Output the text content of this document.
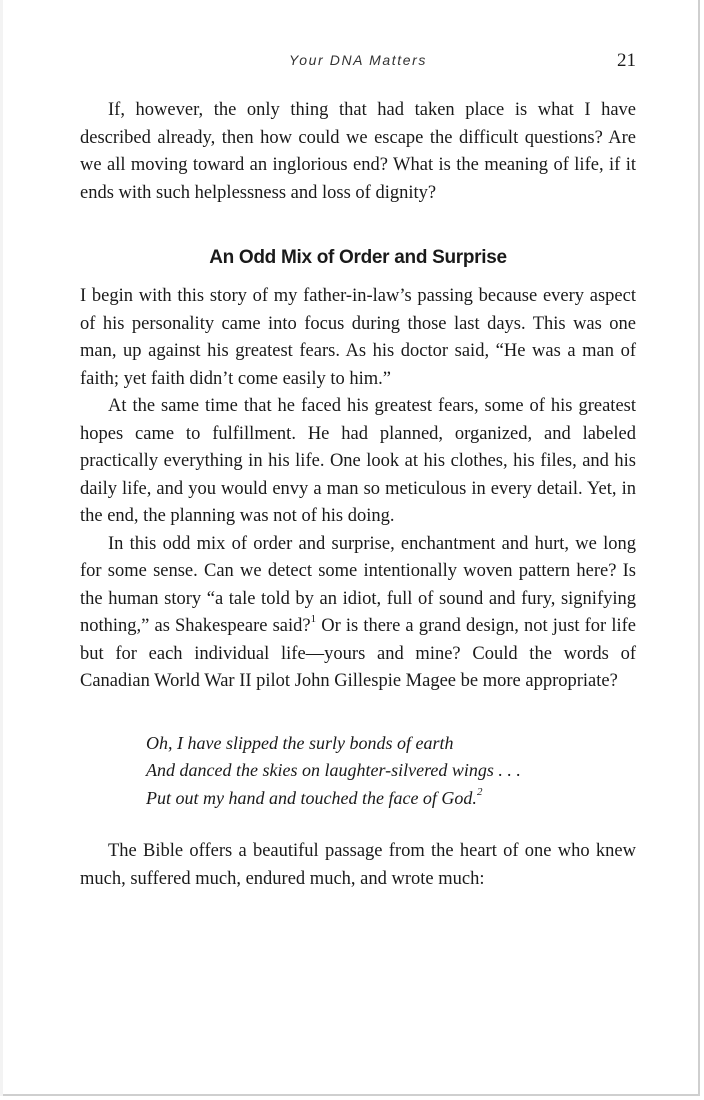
Your DNA Matters	21

If, however, the only thing that had taken place is what I have described already, then how could we escape the difficult questions? Are we all moving toward an inglorious end? What is the meaning of life, if it ends with such helplessness and loss of dignity?

An Odd Mix of Order and Surprise

I begin with this story of my father-in-law’s passing because every aspect of his personality came into focus during those last days. This was one man, up against his greatest fears. As his doctor said, “He was a man of faith; yet faith didn’t come easily to him.”

At the same time that he faced his greatest fears, some of his greatest hopes came to fulfillment. He had planned, organized, and labeled practically everything in his life. One look at his clothes, his files, and his daily life, and you would envy a man so meticulous in every detail. Yet, in the end, the planning was not of his doing.

In this odd mix of order and surprise, enchantment and hurt, we long for some sense. Can we detect some intentionally woven pattern here? Is the human story “a tale told by an idiot, full of sound and fury, signifying nothing,” as Shakespeare said?$^1$ Or is there a grand design, not just for life but for each individual life—yours and mine? Could the words of Canadian World War II pilot John Gillespie Magee be more appropriate?

Oh, I have slipped the surly bonds of earth
And danced the skies on laughter-silvered wings . . .
Put out my hand and touched the face of God.$^2$

The Bible offers a beautiful passage from the heart of one who knew much, suffered much, endured much, and wrote much:
